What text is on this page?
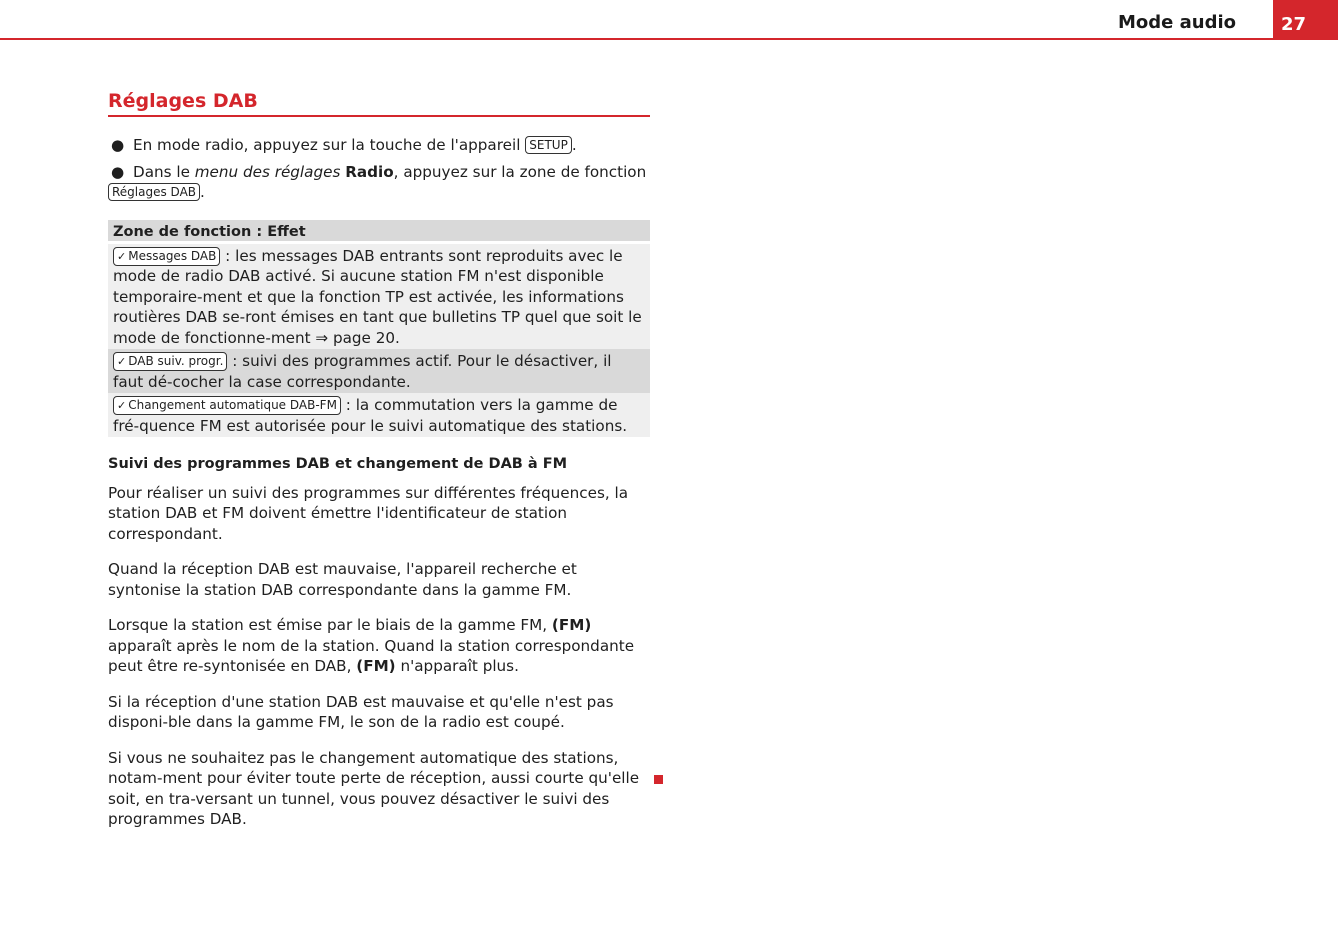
Mode audio	27
Réglages DAB
● En mode radio, appuyez sur la touche de l'appareil SETUP .
● Dans le menu des réglages Radio, appuyez sur la zone de fonction
Réglages DAB .
Zone de fonction : Effet
✓ Messages DAB : les messages DAB entrants sont reproduits avec le mode de radio DAB activé. Si aucune station FM n'est disponible temporaire-ment et que la fonction TP est activée, les informations routières DAB se-ront émises en tant que bulletins TP quel que soit le mode de fonctionne-ment ⇒ page 20.
✓ DAB suiv. progr. : suivi des programmes actif. Pour le désactiver, il faut dé-cocher la case correspondante.
✓ Changement automatique DAB-FM : la commutation vers la gamme de fré-quence FM est autorisée pour le suivi automatique des stations.
Suivi des programmes DAB et changement de DAB à FM

Pour réaliser un suivi des programmes sur différentes fréquences, la station DAB et FM doivent émettre l'identificateur de station correspondant.

Quand la réception DAB est mauvaise, l'appareil recherche et syntonise la station DAB correspondante dans la gamme FM.

Lorsque la station est émise par le biais de la gamme FM, (FM) apparaît après le nom de la station. Quand la station correspondante peut être re-syntonisée en DAB, (FM) n'apparaît plus.

Si la réception d'une station DAB est mauvaise et qu'elle n'est pas disponi-ble dans la gamme FM, le son de la radio est coupé.

Si vous ne souhaitez pas le changement automatique des stations, notam-ment pour éviter toute perte de réception, aussi courte qu'elle soit, en tra-versant un tunnel, vous pouvez désactiver le suivi des programmes DAB.
